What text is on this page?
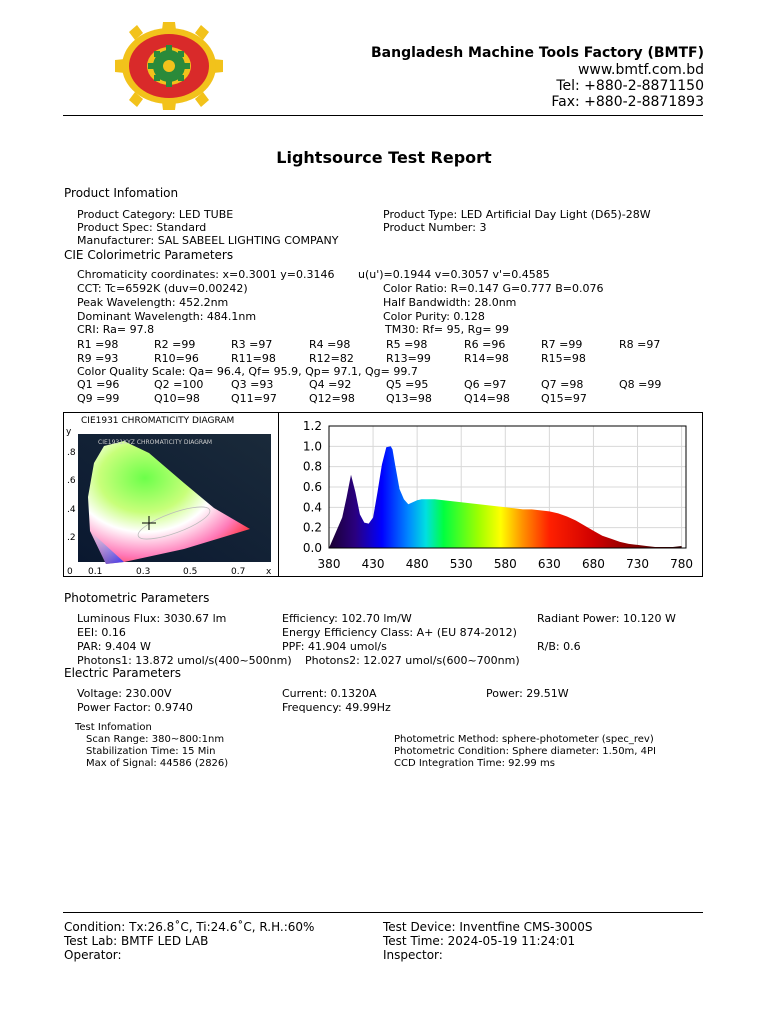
Bangladesh Machine Tools Factory (BMTF)
www.bmtf.com.bd
Tel: +880-2-8871150
Fax: +880-2-8871893
Lightsource Test Report
Product Infomation
Product Category: LED TUBE	Product Type: LED Artificial Day Light (D65)-28W
Product Spec: Standard	Product Number: 3
Manufacturer: SAL SABEEL LIGHTING COMPANY
CIE Colorimetric Parameters
Chromaticity coordinates: x=0.3001 y=0.3146 u(u')=0.1944 v=0.3057 v'=0.4585
CCT: Tc=6592K (duv=0.00242)	Color Ratio: R=0.147 G=0.777 B=0.076
Peak Wavelength: 452.2nm	Half Bandwidth: 28.0nm
Dominant Wavelength: 484.1nm	Color Purity: 0.128
CRI: Ra= 97.8	TM30: Rf= 95, Rg= 99
R1 =98	R2 =99	R3 =97	R4 =98	R5 =98	R6 =96	R7 =99	R8 =97
R9 =93	R10=96	R11=98	R12=82	R13=99	R14=98	R15=98
Color Quality Scale: Qa= 96.4, Qf= 95.9, Qp= 97.1, Qg= 99.7
Q1 =96	Q2 =100	Q3 =93	Q4 =92	Q5 =95	Q6 =97	Q7 =98	Q8 =99
Q9 =99	Q10=98	Q11=97	Q12=98	Q13=98	Q14=98	Q15=97
CIE1931XYZ CHROMATICITY DIAGRAM
CIE1931 CHROMATICITY DIAGRAM
y
x
.8
.6
.4
.2
0 0.1	0.3	0.5	0.7
0.0
0.2
0.4
0.6
0.8
1.0
1.2
380 430 480 530 580 630 680 730 780
Photometric Parameters
Luminous Flux: 3030.67 lm	Efficiency: 102.70 lm/W	Radiant Power: 10.120 W
EEI: 0.16	Energy Efficiency Class: A+ (EU 874-2012)
PAR: 9.404 W	PPF: 41.904 umol/s	R/B: 0.6
Photons1: 13.872 umol/s(400~500nm) Photons2: 12.027 umol/s(600~700nm)
Electric Parameters
Voltage: 230.00V	Current: 0.1320A	Power: 29.51W
Power Factor: 0.9740	Frequency: 49.99Hz
Test Infomation
Scan Range: 380~800:1nm	Photometric Method: sphere-photometer (spec_rev)
Stabilization Time: 15 Min	Photometric Condition: Sphere diameter: 1.50m, 4PI
Max of Signal: 44586 (2826)	CCD Integration Time: 92.99 ms
Condition: Tx:26.8˚C, Ti:24.6˚C, R.H.:60%	Test Device: Inventfine CMS-3000S
Test Lab: BMTF LED LAB	Test Time: 2024-05-19 11:24:01
Operator:	Inspector:
